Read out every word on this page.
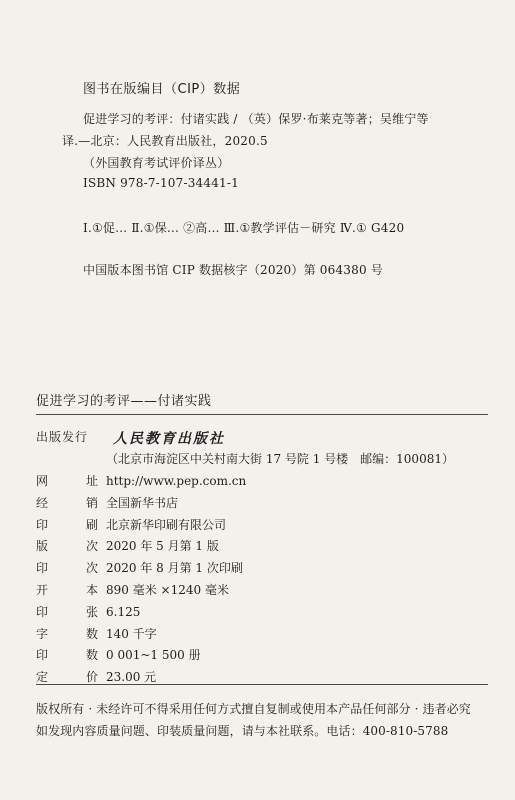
图书在版编目（CIP）数据
促进学习的考评：付诸实践 / （英）保罗·布莱克等著；吴维宁等
译.—北京：人民教育出版社，2020.5
（外国教育考试评价译丛）
ISBN 978-7-107-34441-1
Ⅰ.①促… Ⅱ.①保… ②高… Ⅲ.①教学评估－研究 Ⅳ.① G420
中国版本图书馆 CIP 数据核字（2020）第 064380 号
促进学习的考评——付诸实践
出版发行	人民教育出版社
（北京市海淀区中关村南大街 17 号院 1 号楼　邮编：100081）
网	址 http://www.pep.com.cn
经	销 全国新华书店
印	刷 北京新华印刷有限公司
版	次 2020 年 5 月第 1 版
印	次 2020 年 8 月第 1 次印刷
开	本 890 毫米 ×1240 毫米
印	张 6.125
字	数 140 千字
印	数 0 001~1 500 册
定	价 23.00 元
版权所有 · 未经许可不得采用任何方式擅自复制或使用本产品任何部分 · 违者必究
如发现内容质量问题、印装质量问题，请与本社联系。电话：400-810-5788
